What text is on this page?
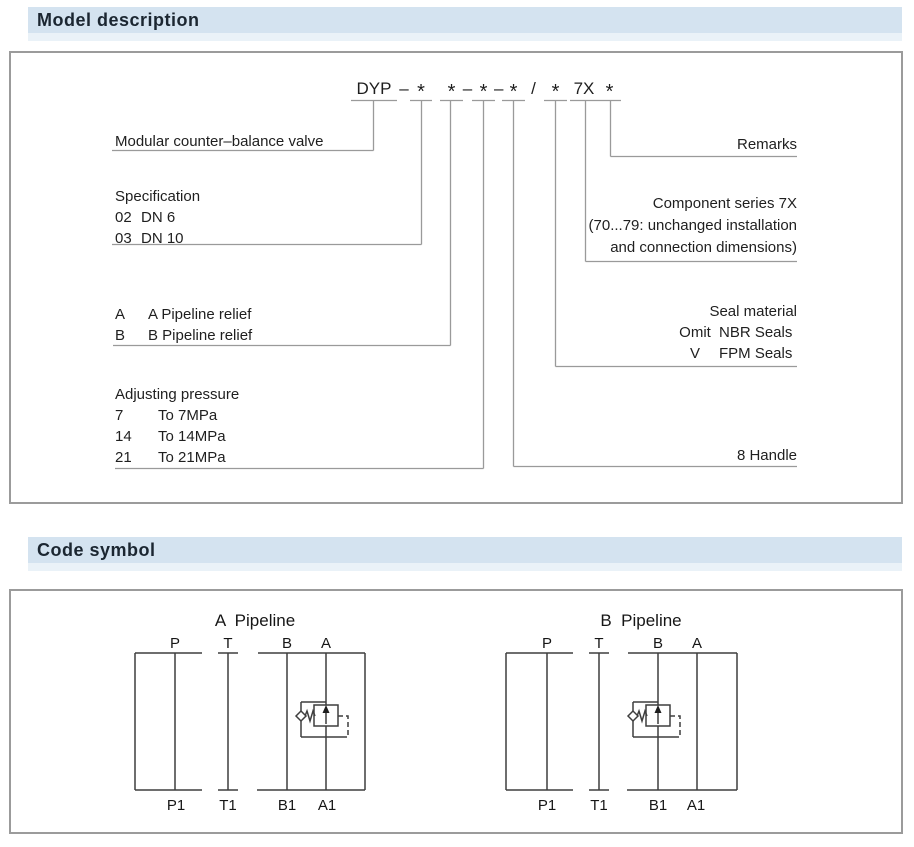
Model description
DYP – *	* – * – * / * 7X *
Modular counter–balance valve
Specification
02 DN 6
03 DN 10
A	A Pipeline relief
B	B Pipeline relief
Adjusting pressure
7	To 7MPa
14	To 14MPa
21	To 21MPa
Remarks
Component series 7X
(70...79: unchanged installation
and connection dimensions)
Seal material
Omit NBR Seals
V	FPM Seals
8 Handle
Code symbol
A  Pipeline
P	T	B A
P1 T1	B1 A1
B  Pipeline
P	T	B A
P1 T1	B1 A1
